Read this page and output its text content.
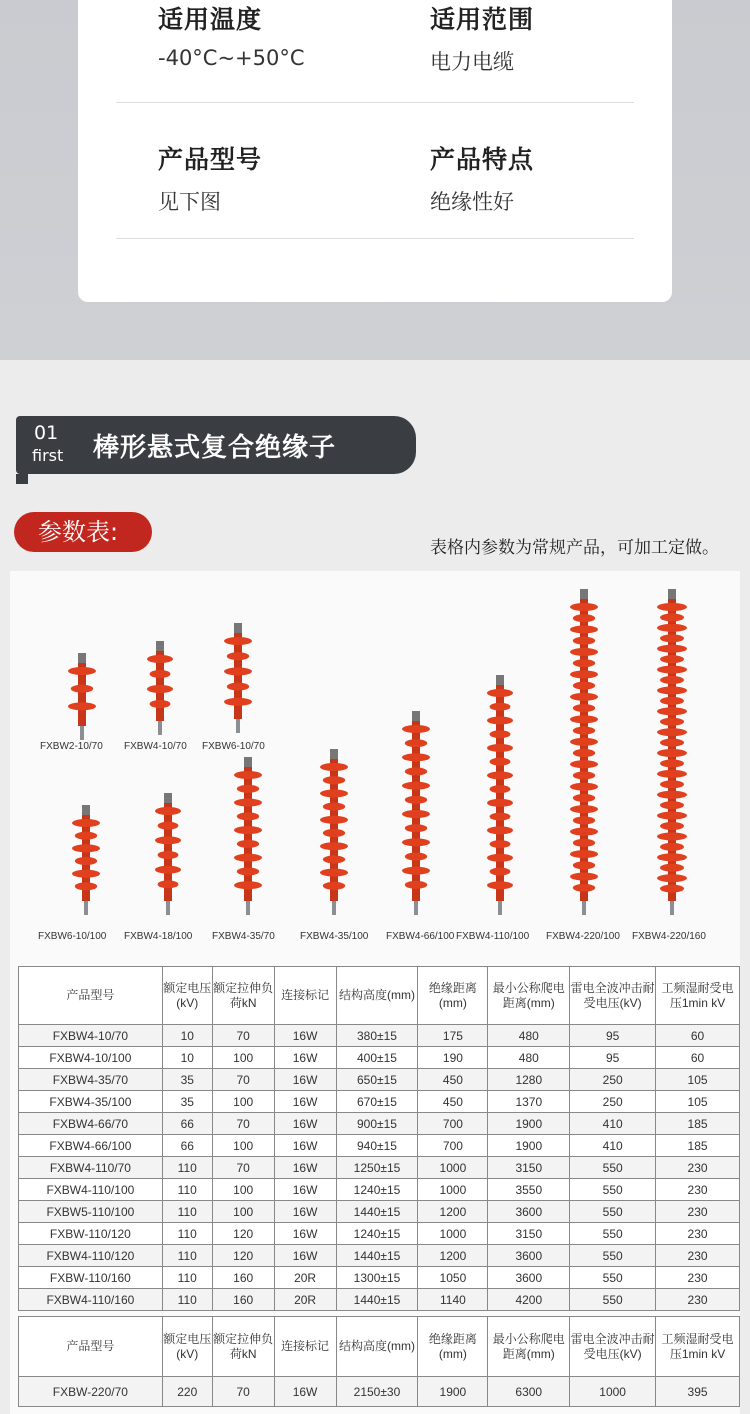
适用温度
-40°C~+50°C
适用范围
电力电缆
产品型号
见下图
产品特点
绝缘性好
01
first 棒形悬式复合绝缘子
参数表:
表格内参数为常规产品，可加工定做。
FXBW2-10/70 FXBW4-10/70 FXBW6-10/70
FXBW6-10/100 FXBW4-18/100 FXBW4-35/70	FXBW4-35/100 FXBW4-66/100 FXBW4-110/100 FXBW4-220/100 FXBW4-220/160
产品型号	额定电压(kV)	额定拉伸负荷kN	连接标记	结构高度(mm)	绝缘距离(mm)	最小公称爬电距离(mm)	雷电全波冲击耐受电压(kV)	工频湿耐受电压1min kV
FXBW4-10/70	10	70	16W	380±15	175	480	95	60
FXBW4-10/100	10	100	16W	400±15	190	480	95	60
FXBW4-35/70	35	70	16W	650±15	450	1280	250	105
FXBW4-35/100	35	100	16W	670±15	450	1370	250	105
FXBW4-66/70	66	70	16W	900±15	700	1900	410	185
FXBW4-66/100	66	100	16W	940±15	700	1900	410	185
FXBW4-110/70	110	70	16W	1250±15	1000	3150	550	230
FXBW4-110/100	110	100	16W	1240±15	1000	3550	550	230
FXBW5-110/100	110	100	16W	1440±15	1200	3600	550	230
FXBW-110/120	110	120	16W	1240±15	1000	3150	550	230
FXBW4-110/120	110	120	16W	1440±15	1200	3600	550	230
FXBW-110/160	110	160	20R	1300±15	1050	3600	550	230
FXBW4-110/160	110	160	20R	1440±15	1140	4200	550	230
产品型号	额定电压(kV)	额定拉伸负荷kN	连接标记	结构高度(mm)	绝缘距离(mm)	最小公称爬电距离(mm)	雷电全波冲击耐受电压(kV)	工频湿耐受电压1min kV
FXBW-220/70	220	70	16W	2150±30	1900	6300	1000	395
